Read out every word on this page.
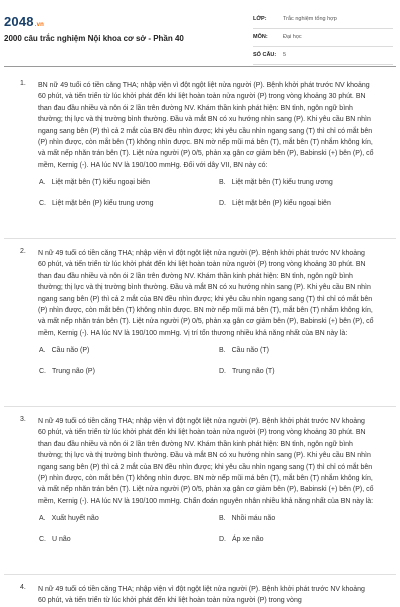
2048.vn
2000 câu trắc nghiệm Nội khoa cơ sở - Phần 40
LỚP:	Trắc nghiệm tổng hợp
MÔN:	Đại học
SỐ CÂU: 5
1. BN nữ 49 tuổi có tiền căng THA; nhập viện vì đột ngột liệt nửa người (P). Bệnh khởi phát trước NV khoảng 60 phút, và tiến triển từ lúc khởi phát đến khi liệt hoàn toàn nửa người (P) trong vòng khoảng 30 phút. BN than đau đầu nhiều và nôn ói 2 lần trên đường NV. Khám thần kinh phát hiện: BN tỉnh, ngôn ngữ bình thường; thị lực và thị trường bình thường. Đầu và mắt BN có xu hướng nhìn sang (P). Khi yêu cầu BN nhìn ngang sang bên (P) thì cả 2 mắt của BN đều nhìn được; khi yêu cầu nhìn ngang sang (T) thì chỉ có mắt bên (P) nhìn được, còn mắt bên (T) không nhìn được. BN mờ nếp mũi má bên (T), mắt bên (T) nhắm không kín, và mất nếp nhăn trán bên (T). Liệt nửa người (P) 0/5, phản xạ gân cơ giảm bên (P), Babinski (+) bên (P), cổ mềm, Kernig (-). HA lúc NV là 190/100 mmHg. Đối với dây VII, BN này có:
A. Liệt mặt bên (T) kiểu ngoại biên	B. Liệt mặt bên (T) kiểu trung ương
C. Liệt mặt bên (P) kiểu trung ương	D. Liệt mặt bên (P) kiểu ngoại biên
2. N nữ 49 tuổi có tiền căng THA; nhập viện vì đột ngột liệt nửa người (P). Bệnh khởi phát trước NV khoảng 60 phút, và tiến triển từ lúc khởi phát đến khi liệt hoàn toàn nửa người (P) trong vòng khoảng 30 phút. BN than đau đầu nhiều và nôn ói 2 lần trên đường NV. Khám thần kinh phát hiện: BN tỉnh, ngôn ngữ bình thường; thị lực và thị trường bình thường. Đầu và mắt BN có xu hướng nhìn sang (P). Khi yêu cầu BN nhìn ngang sang bên (P) thì cả 2 mắt của BN đều nhìn được; khi yêu cầu nhìn ngang sang (T) thì chỉ có mắt bên (P) nhìn được, còn mắt bên (T) không nhìn được. BN mờ nếp mũi má bên (T), mắt bên (T) nhắm không kín, và mất nếp nhăn trán bên (T). Liệt nửa người (P) 0/5, phản xạ gân cơ giảm bên (P), Babinski (+) bên (P), cổ mềm, Kernig (-). HA lúc NV là 190/100 mmHg. Vị trí tổn thương nhiều khả năng nhất của BN này là:
A. Cầu não (P)	B. Cầu não (T)
C. Trung não (P)	D. Trung não (T)
3. N nữ 49 tuổi có tiền căng THA; nhập viện vì đột ngột liệt nửa người (P). Bệnh khởi phát trước NV khoảng 60 phút, và tiến triển từ lúc khởi phát đến khi liệt hoàn toàn nửa người (P) trong vòng khoảng 30 phút. BN than đau đầu nhiều và nôn ói 2 lần trên đường NV. Khám thần kinh phát hiện: BN tỉnh, ngôn ngữ bình thường; thị lực và thị trường bình thường. Đầu và mắt BN có xu hướng nhìn sang (P). Khi yêu cầu BN nhìn ngang sang bên (P) thì cả 2 mắt của BN đều nhìn được; khi yêu cầu nhìn ngang sang (T) thì chỉ có mắt bên (P) nhìn được, còn mắt bên (T) không nhìn được. BN mờ nếp mũi má bên (T), mắt bên (T) nhắm không kín, và mất nếp nhăn trán bên (T). Liệt nửa người (P) 0/5, phản xạ gân cơ giảm bên (P), Babinski (+) bên (P), cổ mềm, Kernig (-). HA lúc NV là 190/100 mmHg. Chẩn đoán nguyên nhân nhiều khả năng nhất của BN này là:
A. Xuất huyết não	B. Nhồi máu não
C. U não	D. Áp xe não
4. N nữ 49 tuổi có tiền căng THA; nhập viện vì đột ngột liệt nửa người (P). Bệnh khởi phát trước NV khoảng 60 phút, và tiến triển từ lúc khởi phát đến khi liệt hoàn toàn nửa người (P) trong vòng
